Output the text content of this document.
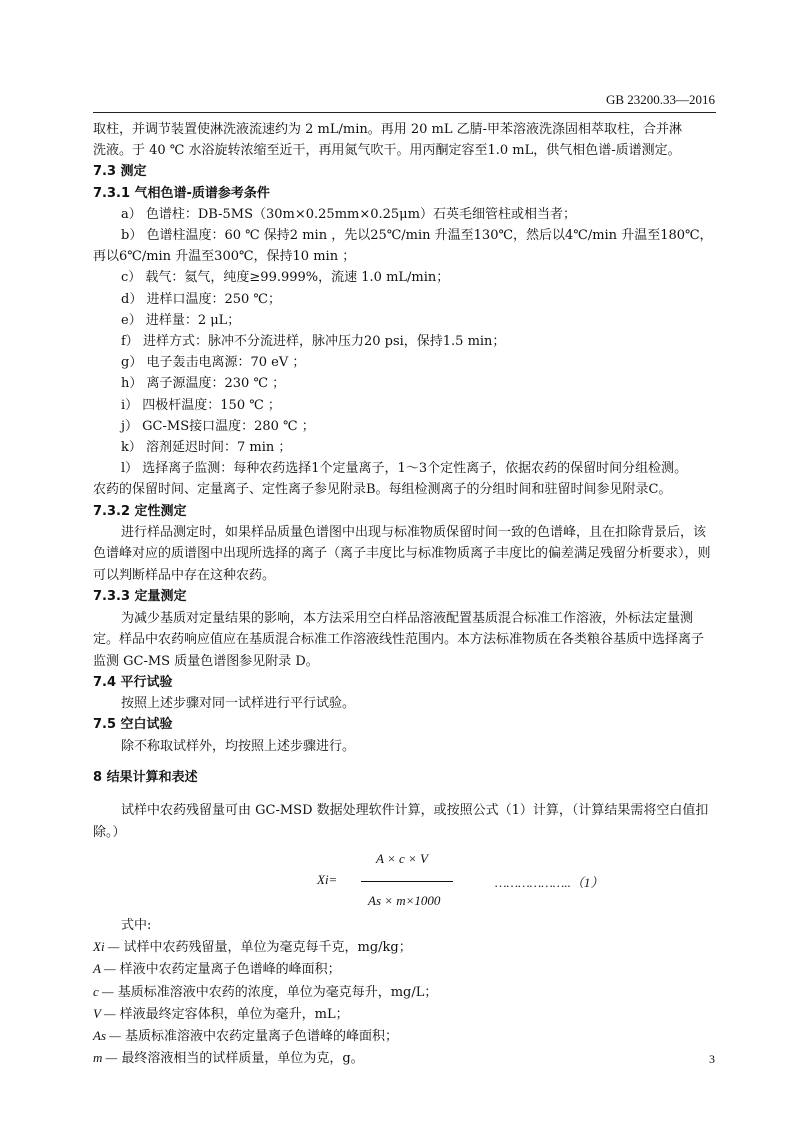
GB 23200.33—2016
取柱，并调节装置使淋洗液流速约为 2 mL/min。再用 20 mL 乙腈-甲苯溶液洗涤固相萃取柱，合并淋
洗液。于 40 ℃ 水浴旋转浓缩至近干，再用氮气吹干。用丙酮定容至1.0 mL，供气相色谱-质谱测定。
7.3 测定
7.3.1 气相色谱-质谱参考条件
a） 色谱柱：DB-5MS（30m×0.25mm×0.25μm）石英毛细管柱或相当者；
b） 色谱柱温度：60 ℃ 保持2 min ，先以25℃/min 升温至130℃，然后以4℃/min 升温至180℃，
再以6℃/min 升温至300℃，保持10 min ；
c） 载气：氦气，纯度≥99.999%，流速 1.0 mL/min；
d） 进样口温度：250 ℃；
e） 进样量：2 μL；
f） 进样方式：脉冲不分流进样，脉冲压力20 psi，保持1.5 min；
g） 电子轰击电离源：70 eV ；
h） 离子源温度：230 ℃ ；
i） 四极杆温度：150 ℃ ；
j） GC-MS接口温度：280 ℃ ；
k） 溶剂延迟时间：7 min ；
l） 选择离子监测：每种农药选择1个定量离子，1～3个定性离子，依据农药的保留时间分组检测。
农药的保留时间、定量离子、定性离子参见附录B。每组检测离子的分组时间和驻留时间参见附录C。
7.3.2 定性测定
进行样品测定时，如果样品质量色谱图中出现与标准物质保留时间一致的色谱峰，且在扣除背景后，该色谱峰对应的质谱图中出现所选择的离子（离子丰度比与标准物质离子丰度比的偏差满足残留分析要求），则可以判断样品中存在这种农药。
7.3.3 定量测定
为减少基质对定量结果的影响，本方法采用空白样品溶液配置基质混合标准工作溶液，外标法定量测定。样品中农药响应值应在基质混合标准工作溶液线性范围内。本方法标准物质在各类粮谷基质中选择离子监测 GC-MS 质量色谱图参见附录 D。
7.4 平行试验
按照上述步骤对同一试样进行平行试验。
7.5 空白试验
除不称取试样外，均按照上述步骤进行。
8 结果计算和表述
试样中农药残留量可由 GC-MSD 数据处理软件计算，或按照公式（1）计算，（计算结果需将空白值扣除。）
A × c × V
Xi=
As × m×1000
………………..（1）
式中:
Xi — 试样中农药残留量，单位为毫克每千克，mg/kg；
A — 样液中农药定量离子色谱峰的峰面积；
c — 基质标准溶液中农药的浓度，单位为毫克每升，mg/L；
V — 样液最终定容体积，单位为毫升，mL；
As — 基质标准溶液中农药定量离子色谱峰的峰面积；
m — 最终溶液相当的试样质量，单位为克，g。	3
